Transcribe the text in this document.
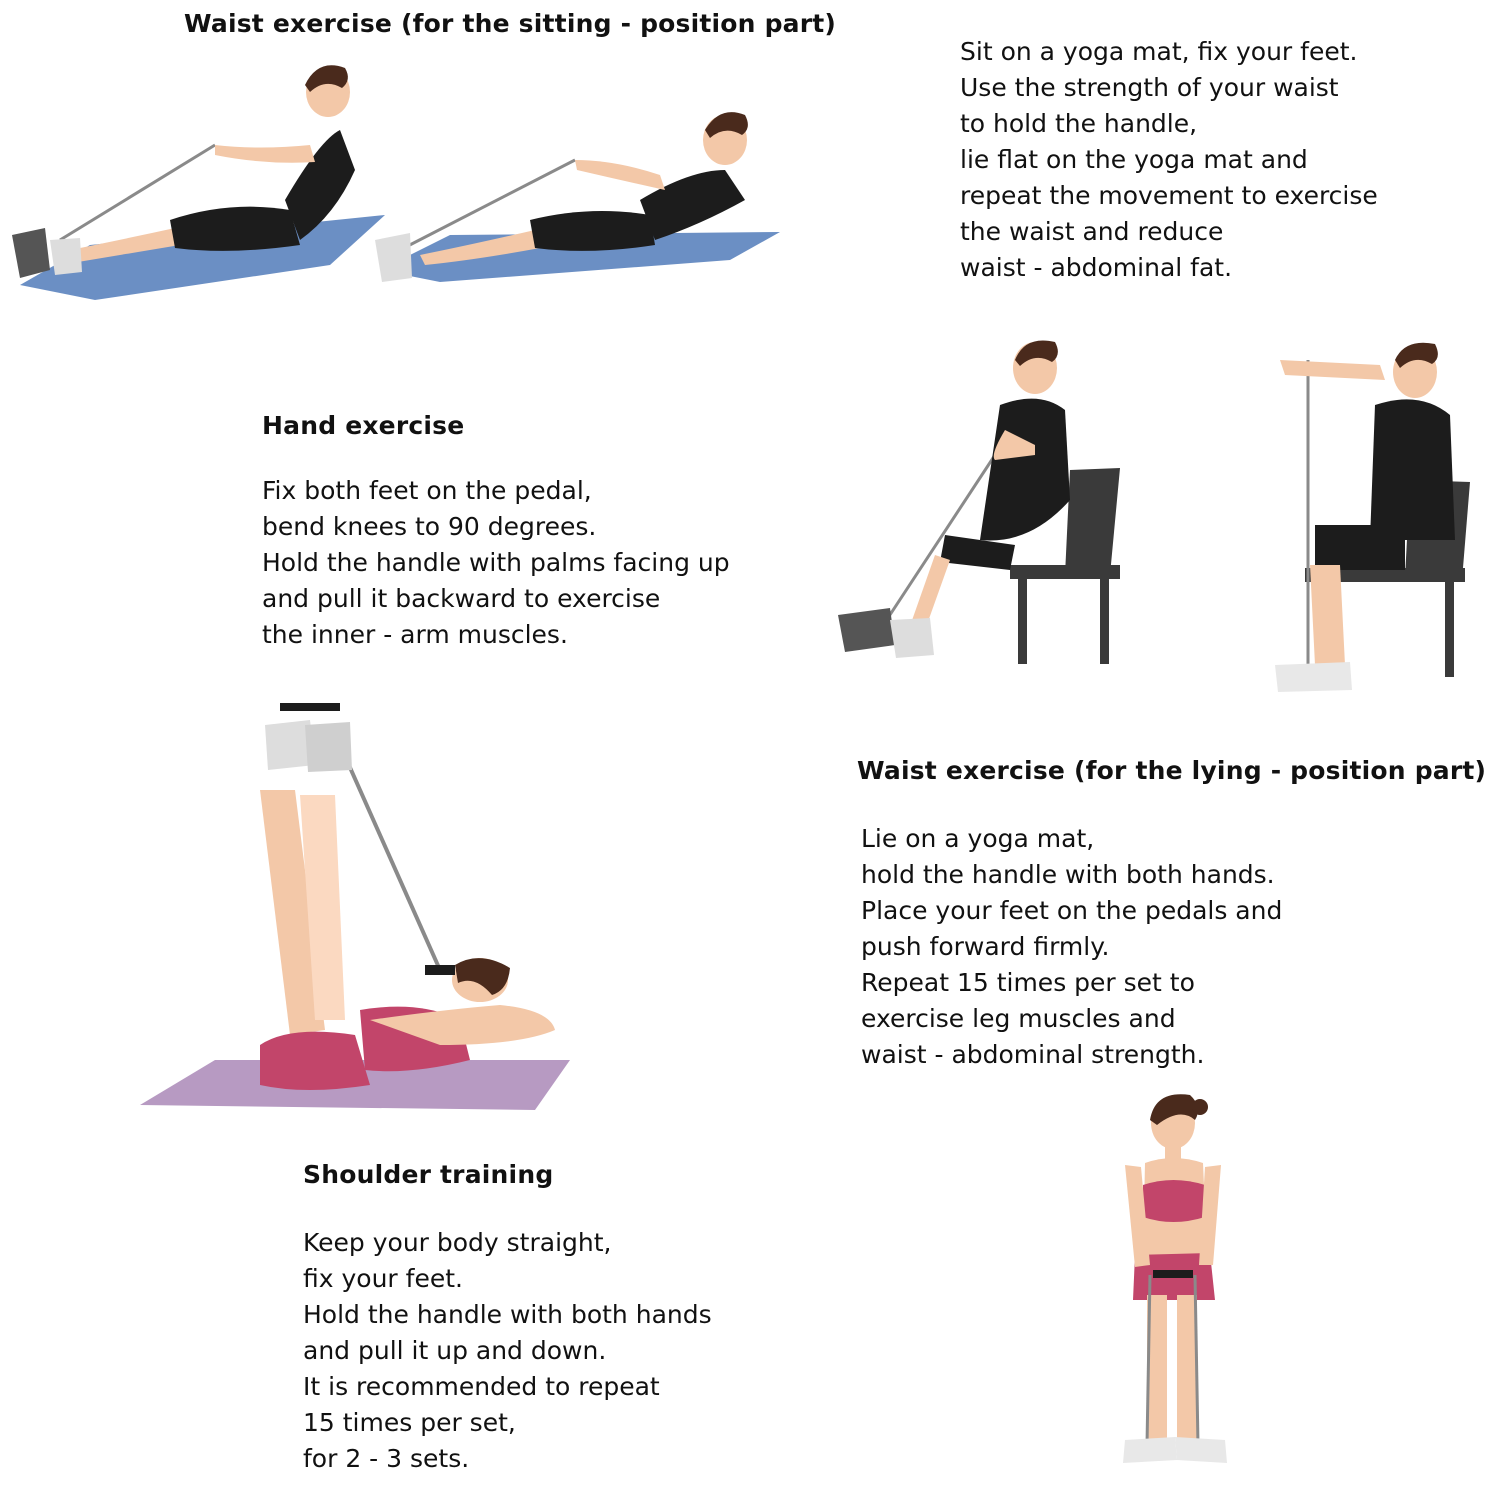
Waist exercise (for the sitting - position part)
Hand exercise
Waist exercise (for the lying - position part)
Shoulder training
Sit on a yoga mat, fix your feet.
Use the strength of your waist
to hold the handle,
lie flat on the yoga mat and
repeat the movement to exercise
the waist and reduce
waist - abdominal fat.
Fix both feet on the pedal,
bend knees to 90 degrees.
Hold the handle with palms facing up
and pull it backward to exercise
the inner - arm muscles.
Lie on a yoga mat,
hold the handle with both hands.
Place your feet on the pedals and
push forward firmly.
Repeat 15 times per set to
exercise leg muscles and
waist - abdominal strength.
Keep your body straight,
fix your feet.
Hold the handle with both hands
and pull it up and down.
It is recommended to repeat
15 times per set,
for 2 - 3 sets.
